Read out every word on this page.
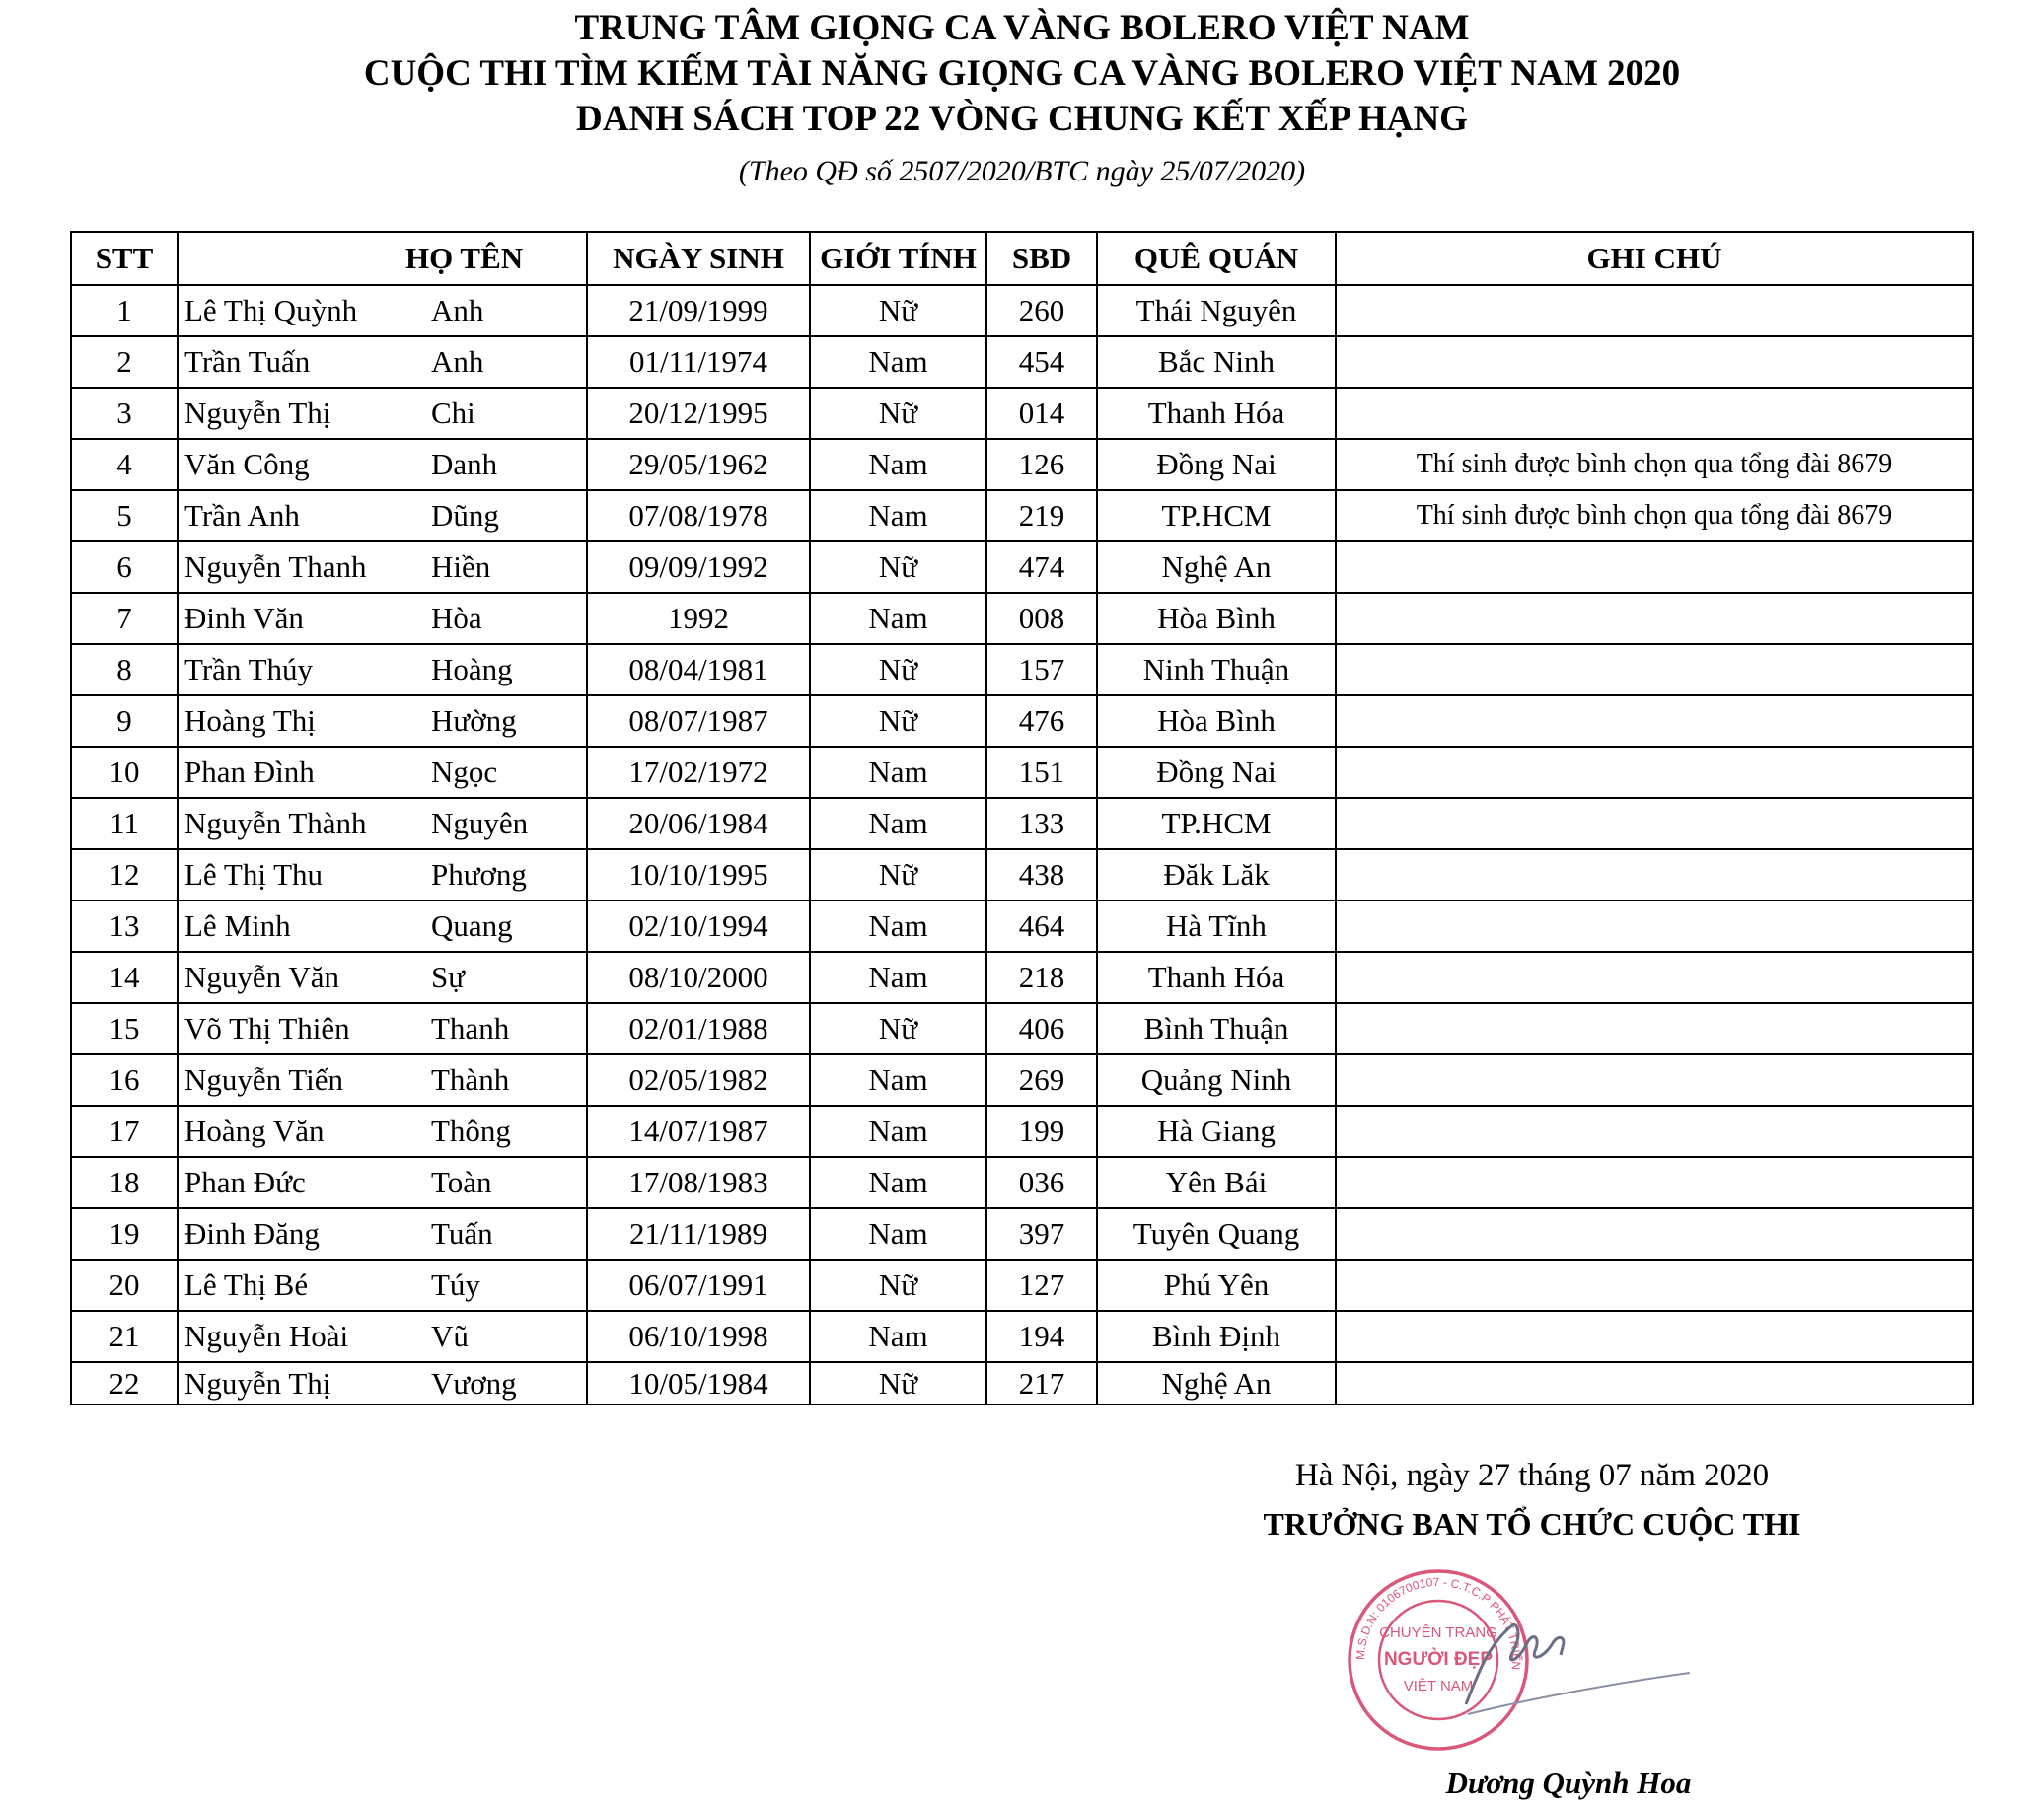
TRUNG TÂM GIỌNG CA VÀNG BOLERO VIỆT NAM
CUỘC THI TÌM KIẾM TÀI NĂNG GIỌNG CA VÀNG BOLERO VIỆT NAM 2020
DANH SÁCH TOP 22 VÒNG CHUNG KẾT XẾP HẠNG
(Theo QĐ số 2507/2020/BTC ngày 25/07/2020)
STT	HỌ TÊN	NGÀY SINH	GIỚI TÍNH	SBD	QUÊ QUÁN	GHI CHÚ
1	Lê Thị Quỳnh Anh	21/09/1999	Nữ	260	Thái Nguyên	
2	Trần Tuấn Anh	01/11/1974	Nam	454	Bắc Ninh	
3	Nguyễn Thị Chi	20/12/1995	Nữ	014	Thanh Hóa	
4	Văn Công Danh	29/05/1962	Nam	126	Đồng Nai	Thí sinh được bình chọn qua tổng đài 8679
5	Trần Anh Dũng	07/08/1978	Nam	219	TP.HCM	Thí sinh được bình chọn qua tổng đài 8679
6	Nguyễn Thanh Hiền	09/09/1992	Nữ	474	Nghệ An	
7	Đinh Văn Hòa	1992	Nam	008	Hòa Bình	
8	Trần Thúy Hoàng	08/04/1981	Nữ	157	Ninh Thuận	
9	Hoàng Thị Hường	08/07/1987	Nữ	476	Hòa Bình	
10	Phan Đình Ngọc	17/02/1972	Nam	151	Đồng Nai	
11	Nguyễn Thành Nguyên	20/06/1984	Nam	133	TP.HCM	
12	Lê Thị Thu Phương	10/10/1995	Nữ	438	Đăk Lăk	
13	Lê Minh Quang	02/10/1994	Nam	464	Hà Tĩnh	
14	Nguyễn Văn Sự	08/10/2000	Nam	218	Thanh Hóa	
15	Võ Thị Thiên Thanh	02/01/1988	Nữ	406	Bình Thuận	
16	Nguyễn Tiến Thành	02/05/1982	Nam	269	Quảng Ninh	
17	Hoàng Văn Thông	14/07/1987	Nam	199	Hà Giang	
18	Phan Đức Toàn	17/08/1983	Nam	036	Yên Bái	
19	Đinh Đăng Tuấn	21/11/1989	Nam	397	Tuyên Quang	
20	Lê Thị Bé Túy	06/07/1991	Nữ	127	Phú Yên	
21	Nguyễn Hoài Vũ	06/10/1998	Nam	194	Bình Định	
22	Nguyễn Thị Vương	10/05/1984	Nữ	217	Nghệ An	
Hà Nội, ngày 27 tháng 07 năm 2020
TRƯỞNG BAN TỔ CHỨC CUỘC THI
M.S.D.N: 0106700107 - C.T.C.P PHÁT TRIỂN
CHUYÊN TRANG
NGƯỜI ĐẸP
VIỆT NAM
Dương Quỳnh Hoa
